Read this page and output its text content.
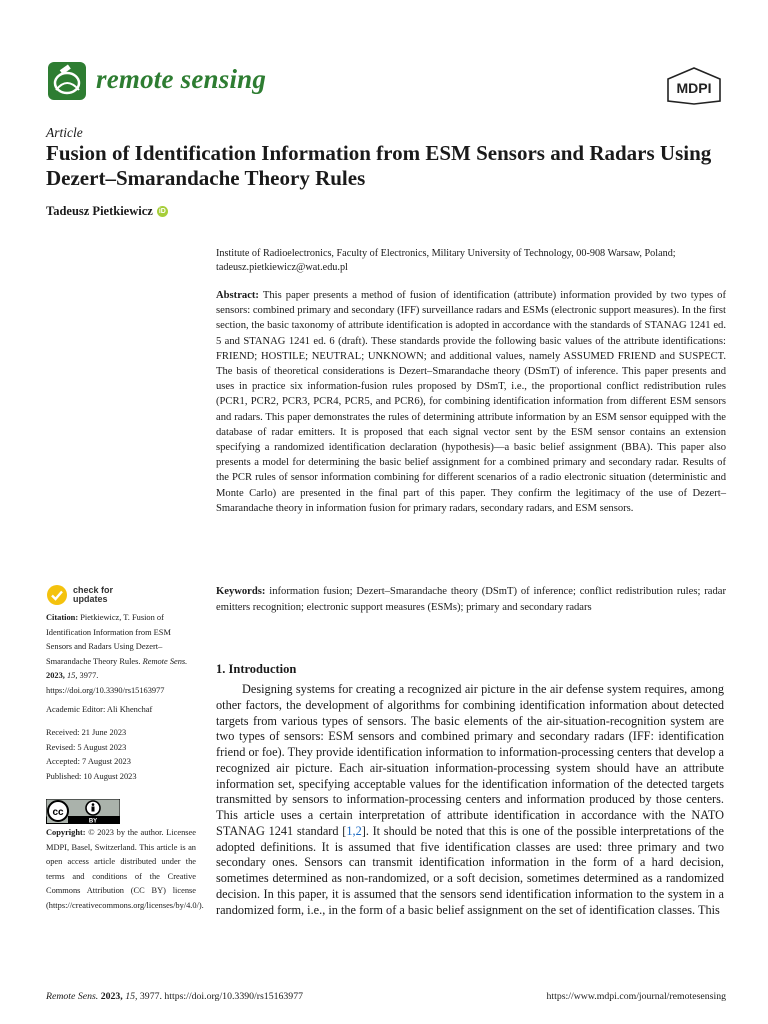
remote sensing	MDPI
Article
Fusion of Identification Information from ESM Sensors and Radars Using Dezert–Smarandache Theory Rules
Tadeusz Pietkiewicz iD
Institute of Radioelectronics, Faculty of Electronics, Military University of Technology, 00-908 Warsaw, Poland;
tadeusz.pietkiewicz@wat.edu.pl

Abstract: This paper presents a method of fusion of identification (attribute) information provided by two types of sensors: combined primary and secondary (IFF) surveillance radars and ESMs (electronic support measures). In the first section, the basic taxonomy of attribute identification is adopted in accordance with the standards of STANAG 1241 ed. 5 and STANAG 1241 ed. 6 (draft). These standards provide the following basic values of the attribute identifications: FRIEND; HOSTILE; NEUTRAL; UNKNOWN; and additional values, namely ASSUMED FRIEND and SUSPECT. The basis of theoretical considerations is Dezert–Smarandache theory (DSmT) of inference. This paper presents and uses in practice six information-fusion rules proposed by DSmT, i.e., the proportional conflict redistribution rules (PCR1, PCR2, PCR3, PCR4, PCR5, and PCR6), for combining identification information from different ESM sensors and radars. This paper demonstrates the rules of determining attribute information by an ESM sensor equipped with the database of radar emitters. It is proposed that each signal vector sent by the ESM sensor contains an extension specifying a randomized identification declaration (hypothesis)—a basic belief assignment (BBA). This paper also presents a model for determining the basic belief assignment for a combined primary and secondary radar. Results of the PCR rules of sensor information combining for different scenarios of a radio electronic situation (deterministic and Monte Carlo) are presented in the final part of this paper. They confirm the legitimacy of the use of Dezert–Smarandache theory in information fusion for primary radars, secondary radars, and ESM sensors.

Keywords: information fusion; Dezert–Smarandache theory (DSmT) of inference; conflict redistribution rules; radar emitters recognition; electronic support measures (ESMs); primary and secondary radars

1. Introduction

Designing systems for creating a recognized air picture in the air defense system requires, among other factors, the development of algorithms for combining identification information about detected targets from various types of sensors. The basic elements of the air-situation-recognition system are two types of sensors: ESM sensors and combined primary and secondary radars (IFF: identification friend or foe). They provide identification information to information-processing centers that develop a recognized air picture. Each air-situation information-processing system should have an attribute information set, specifying acceptable values for the identification information of the detected targets transmitted by sensors to information-processing centers and information produced by those centers. This article uses a certain interpretation of attribute identification in accordance with the NATO STANAG 1241 standard [1,2]. It should be noted that this is one of the possible interpretations of the adopted definitions. It is assumed that five identification classes are used: three primary and two secondary ones. Sensors can transmit identification information in the form of a hard decision, sometimes determined as non-randomized, or a soft decision, sometimes determined as a randomized decision. In this paper, it is assumed that the sensors send identification information to the system in a randomized form, i.e., in the form of a basic belief assignment on the set of identification classes. This

check for
updates

Citation: Pietkiewicz, T. Fusion of Identification Information from ESM Sensors and Radars Using Dezert–Smarandache Theory Rules. Remote Sens. 2023, 15, 3977. https://doi.org/10.3390/rs15163977

Academic Editor: Ali Khenchaf

Received: 21 June 2023
Revised: 5 August 2023
Accepted: 7 August 2023
Published: 10 August 2023
cc
BY

Copyright: © 2023 by the author. Licensee MDPI, Basel, Switzerland. This article is an open access article distributed under the terms and conditions of the Creative Commons Attribution (CC BY) license (https://creativecommons.org/licenses/by/4.0/).

Remote Sens. 2023, 15, 3977. https://doi.org/10.3390/rs15163977	https://www.mdpi.com/journal/remotesensing
